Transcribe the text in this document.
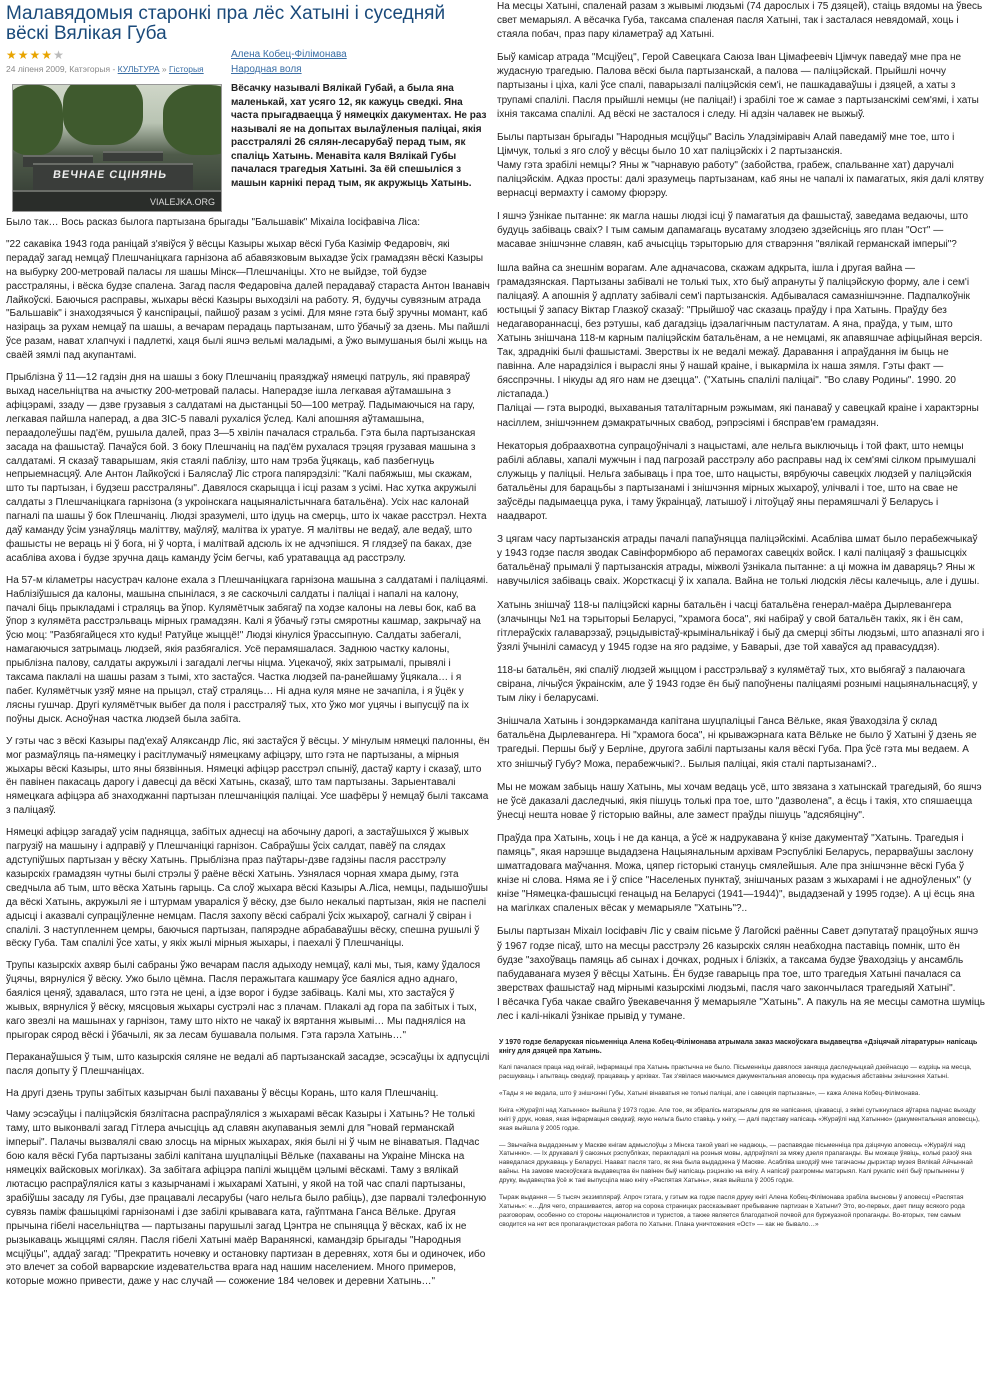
Малавядомыя старонкі пра лёс Хатыні і суседняй вёскі Вялікая Губа
★★★★★	Алена Кобец-Філімонава
Народная воля
24 ліпеня 2009, Катэгорыя - КУЛЬТУРА » Гісторыя
ВЕЧНАЕ СЦІНЯНЬ
VIALEJKA.ORG
Вёсачку называлі Вялікай Губай, а была яна маленькай, хат усяго 12, як кажуць сведкі. Яна часта прыгадваецца ў нямецкіх дакументах. Не раз называлі яе на допытах вылаўленыя паліцаі, якія расстралялі 26 сялян-лесарубаў перад тым, як спаліць Хатынь. Менавіта каля Вялікай Губы пачалася трагедыя Хатыні. За ёй спешыліся з машын карнікі перад тым, як акружыць Хатынь.

Было так… Вось расказ былога партызана брыгады "Бальшавік" Міхаіла Іосіфавіча Ліса:

"22 сакавіка 1943 года раніцай з'явіўся ў вёсцы Казыры жыхар вёскі Губа Казімір Федаровіч, які перадаў загад немцаў Плешчаніцкага гарнізона аб абавязковым выхадзе ўсіх грамадзян вёскі Казыры на выбурку 200-метровай паласы ля шашы Мінск—Плешчаніцы. Хто не выйдзе, той будзе расстраляны, і вёска будзе спалена. Загад пасля Федаровіча далей перадаваў стараста Антон Іванавіч Лайкоўскі. Баючыся расправы, жыхары вёскі Казыры выходзілі на работу. Я, будучы сувязным атрада "Бальшавік" і знаходзячыся ў канспірацыі, пайшоў разам з усімі. Для мяне гэта быў зручны момант, каб назіраць за рухам немцаў па шашы, а вечарам перадаць партызанам, што ўбачыў за дзень. Мы пайшлі ўсе разам, нават хлапчукі і падлеткі, хаця былі яшчэ вельмі маладымі, а ўжо вымушаныя былі жыць на сваёй зямлі пад акупантамі.

Прыблізна ў 11—12 гадзін дня на шашы з боку Плешчаніц праязджаў нямецкі патруль, які правяраў выхад насельніцтва на ачыстку 200-метровай паласы. Наперадзе ішла легкавая аўтамашына з афіцэрамі, ззаду — дзве грузавыя з салдатамі на дыстанцыі 50—100 метраў. Падымаючыся на гару, легкавая пайшла наперад, а два ЗІС-5 павалі рухаліся ўслед. Калі апошняя аўтамашына, пераадолеўшы пад'ём, рушыла далей, праз 3—5 хвілін пачалася стральба. Гэта была партызанская засада на фашыстаў. Пачаўся бой. З боку Плешчаніц на пад'ём рухалася трэцяя грузавая машына з салдатамі. Я сказаў таварышам, якія стаялі паблізу, што нам трэба ўцякаць, каб пазбегнуць непрыемнасцяў. Але Антон Лайкоўскі і Баляслаў Ліс строга папярэдзілі: "Калі пабяжыш, мы скажам, што ты партызан, і будзеш расстраляны". Давялося скарыцца і ісці разам з усімі. Нас хутка акружылі салдаты з Плешчаніцкага гарнізона (з укроінскага нацыяналістычнага батальёна). Усіх нас калонай пагналі па шашы ў бок Плешчаніц. Людзі зразумелі, што ідуць на смерць, што іх чакае расстрэл. Нехта даў каманду ўсім узнаўляць маліттву, маўляў, малітва іх уратуе. Я малітвы не ведаў, але ведаў, што фашысты не вераць ні ў бога, ні ў чорта, і малітвай адсюль іх не адчэпішся. Я глядзеў па баках, дзе асабліва ахова і будзе зручна даць каманду ўсім бегчы, каб уратавацца ад расстрэлу.

На 57-м кіламетры насустрач калоне ехала з Плешчаніцкага гарнізона машына з салдатамі і паліцаямі. Наблізіўшыся да калоны, машына спынілася, з яе саскочылі салдаты і паліцаі і напалі на калону, пачалі біць прыкладамі і страляць ва ўпор. Кулямётчык забягаў па ходзе калоны на левы бок, каб ва ўпор з кулямёта расстрэльваць мірных грамадзян. Калі я ўбачыў гэты смяротны кашмар, закрычаў на ўсю моц: "Разбягайцеся хто куды! Ратуйце жыццё!" Людзі кінуліся ўрассыпную. Салдаты забегалі, намагаючыся затрымаць людзей, якія разбягаліся. Усё перамяшалася. Заднюю частку калоны, прыблізна палову, салдаты акружылі і загадалі легчы ніцма. Уцекачоў, якіх затрымалі, прывялі і таксама паклалі на шашы разам з тымі, хто застаўся. Частка людзей па-ранейшаму ўцякала… і я пабег. Кулямётчык узяў мяне на прыцэл, стаў страляць… Ні адна куля мяне не зачапіла, і я ўцёк у лясны гушчар. Другі кулямётчык выбег да поля і расстраляў тых, хто ўжо мог уцячы і выпусціў па іх поўны дыск. Асноўная частка людзей была забіта.

У гэты час з вёскі Казыры пад'ехаў Аляксандр Ліс, які застаўся ў вёсцы. У мінулым нямецкі палонны, ён мог размаўляць па-нямецку і расітлумачыў нямецкаму афіцэру, што гэта не партызаны, а мірныя жыхары вёскі Казыры, што яны бязвінныя. Нямецкі афіцэр расстрэл спыніў, дастаў карту і сказаў, што ён павінен пакасаць дарогу і давесці да вёскі Хатынь, сказаў, што там партызаны. Зарыентавалі нямецкага афіцэра аб знаходжанні партызан плешчаніцкія паліцаі. Усе шафёры ў немцаў былі таксама з паліцаяў.

Нямецкі афіцэр загадаў усім падняцца, забітых аднесці на абочыну дарогі, а застаўшыхся ў жывых пагрузіў на машыну і адправіў у Плешчаніцкі гарнізон. Сабраўшы ўсіх салдат, павёў па слядах адступіўшых партызан у вёску Хатынь. Прыблізна праз паўтары-дзве гадзіны пасля расстрэлу казырскіх грамадзян чутны былі стрэлы ў раёне вёскі Хатынь. Узнялася чорная хмара дыму, гэта сведчыла аб тым, што вёска Хатынь гарыць. Са слоў жыхара вёскі Казыры А.Ліса, немцы, падышоўшы да вёскі Хатынь, акружылі яе і штурмам увараліся ў вёску, дзе было некалькі партызан, якія не паспелі адысці і аказвалі супраціўленне немцам. Пасля захопу вёскі сабралі ўсіх жыхароў, сагналі ў свіран і спалілі. З наступленнем цемры, баючыся партызан, папярэдне абрабаваўшы вёску, спешна рушылі ў вёску Губа. Там спалілі ўсе хаты, у якіх жылі мірныя жыхары, і паехалі ў Плешчаніцы.

Трупы казырскіх ахвяр былі сабраны ўжо вечарам пасля адыходу немцаў, калі мы, тыя, каму ўдалося ўцячы, вярнуліся ў вёску. Ужо было цёмна. Пасля перажытага кашмару ўсе баяліся адно аднаго, баяліся ценяў, здавалася, што гэта не цені, а ідзе ворог і будзе забіваць. Калі мы, хто застаўся ў жывых, вярнуліся ў вёску, мясцовыя жыхары сустрэлі нас з плачам. Плакалі ад гора па забітых і тых, каго звезлі на машынах у гарнізон, таму што ніхто не чакаў іх вяртання жывымі… Мы падняліся на прыгорак сярод вёскі і ўбачылі, як за лесам бушавала полымя. Гэта гарэла Хатынь…"

Пераканаўшыся ў тым, што казырскія сяляне не ведалі аб партызанскай засадзе, эсэсаўцы іх адпусцілі пасля допыту ў Плешчаніцах.

На другі дзень трупы забітых казырчан былі пахаваны ў вёсцы Корань, што каля Плешчаніц.

Чаму эсэсаўцы і паліцэйскія бязлітасна распраўляліся з жыхарамі вёсак Казыры і Хатынь? Не толькі таму, што выконвалі загад Гітлера ачысціць ад славян акупаваныя землі для "новай германскай імперыі". Палачы вызвалялі сваю злосць на мірных жыхарах, якія былі ні ў чым не вінаватыя. Падчас бою каля вёскі Губа партызаны забілі капітана шуцпаліцыі Вёльке (пахаваны на Украіне Мінска на нямецкіх вайсковых могілках). За забітага афіцэра папілі жыццём цэлымі вёскамі. Таму з вялікай лютасцю распраўляліся каты з казырчанамі і жыхарамі Хатыні, у якой на той час спалі партызаны, зрабіўшы засаду ля Губы, дзе працавалі лесарубы (чаго нельга было рабіць), дзе парвалі тэлефонную сувязь паміж фашыцкімі гарнізонамі і дзе забілі крывавага ката, гаўптмана Ганса Вёльке. Другая прычына гібелі насельніцтва — партызаны парушылі загад Цэнтра не спыняцца ў вёсках, каб іх не рызыкаваць жыццямі сялян. Пасля гібелі Хатыні маёр Варанянскі, камандзір брыгады "Народныя мсціўцы", аддаў загад: "Прекратить ночевку и остановку партизан в деревнях, хотя бы и одиночек, ибо это влечет за собой варварские издевательства врага над нашим населением. Много примеров, которые можно привести, даже у нас случай — сожжение 184 человек и деревни Хатынь…"

На месцы Хатыні, спаленай разам з жывымі людзьмі (74 дарослых і 75 дзяцей), стаіць вядомы на ўвесь свет мемарыял. А вёсачка Губа, таксама спаленая пасля Хатыні, так і засталася невядомай, хоць і стаяла побач, праз пару кіламетраў ад Хатыні.

Быў камісар атрада "Мсціўец", Герой Савецкага Саюза Іван Цімафеевіч Цімчук паведаў мне пра не жудасную трагедыю. Палова вёскі была партызанскай, а палова — паліцэйскай. Прыйшлі ноччу партызаны і ціха, калі ўсе спалі, паварызалі паліцэйскія сем'і, не пашкадаваўшы і дзяцей, а хаты з трупамі спалілі. Пасля прыйшлі немцы (не паліцаі!) і зрабілі тое ж самае з партызанскімі сем'ямі, і хаты іхнія таксама спалілі. Ад вёскі не засталося і следу. Ні адзін чалавек не выжыў.

Былы партызан брыгады "Народныя мсціўцы" Васіль Уладзіміравіч Алай паведаміў мне тое, што і Цімчук, толькі з яго слоў у вёсцы было 10 хат паліцэйскіх і 2 партызанскія.
Чаму гэта зрабілі немцы? Яны ж "чарнавую работу" (забойства, грабеж, спальванне хат) даручалі паліцэйскім. Адказ просты: далі зразумець партызанам, каб яны не чапалі іх памагатых, якія далі клятву вернасці вермахту і самому фюрэру.

І яшчэ ўзнікае пытанне: як магла нашы людзі ісці ў памагатыя да фашыстаў, заведама ведаючы, што будуць забіваць сваіх? І тым самым дапамагаць вусатаму злодзею здзейсніць яго план "Ост" — масавае знішчэнне славян, каб ачысціць тэрыторыю для стварэння "вялікай германскай імперыі"?

Ішла вайна са знешнім ворагам. Але адначасова, скажам адкрыта, ішла і другая вайна — грамадзянская. Партызаны забівалі не толькі тых, хто быў апрануты ў паліцэйскую форму, але і сем'і паліцаяў. А апошнія ў адплату забівалі сем'і партызанскія. Адбывалася самазнішчэнне. Падпалкоўнік юстыцыі ў запасу Віктар Глазкоў сказаў: "Прыйшоў час сказаць праўду і пра Хатынь. Праўду без недагавораннасці, без рэтушы, каб дагадзіць ідэалагічным пастулатам. А яна, праўда, у тым, што Хатынь знішчана 118-м карным паліцэйскім батальёнам, а не немцамі, як апавяшчае афіцыйная версія. Так, здраднікі былі фашыстамі. Зверствы іх не ведалі межаў. Даравання і апраўдання ім быць не павінна. Але нарадзіліся і выраслі яны ў нашай краіне, і выкарміла іх наша зямля. Гэты факт — бясспрэчны. І нікуды ад яго нам не дзецца". ("Хатынь спалілі паліцаі". "Во славу Родины". 1990. 20 лістапада.)
Паліцаі — гэта выродкі, выхаваныя таталітарным рэжымам, які панаваў у савецкай краіне і характэрны насіллем, знішчэннем дэмакратычных свабод, рэпрэсіямі і бясправ'ем грамадзян.

Некаторыя добраахвотна супрацоўнічалі з нацыстамі, але нельга выключыць і той факт, што немцы рабілі аблавы, хапалі мужчын і пад пагрозай расстрэлу або расправы над іх сем'ямі сілком прымушалі служыць у паліцыі. Нельга забываць і пра тое, што нацысты, вярбуючы савецкіх людзей у паліцэйскія батальёны для барацьбы з партызанамі і знішчэння мірных жыхароў, улічвалі і тое, што на свае не заўсёды падымаецца рука, і таму ўкраінцаў, латышоў і літоўцаў яны перамяшчалі ў Беларусь і наадварот.

З цягам часу партызанскія атрады пачалі папаўняцца паліцэйскімі. Асабліва шмат было перабежчыкаў у 1943 годзе пасля зводак Савінформбюро аб перамогах савецкіх войск. І калі паліцаяў з фашысцкіх батальёнаў прымалі ў партызанскія атрады, міжволі ўзнікала пытанне: а ці можна ім даваряць? Яны ж навучыліся забіваць сваіх. Жорсткасці ў іх хапала. Вайна не толькі людскія лёсы калечыць, але і душы.

Хатынь знішчаў 118-ы паліцэйскі карны батальён і часці батальёна генерал-маёра Дырлевангера (злачынцы №1 на тэрыторыі Беларусі, "хрaмога боса", які набіраў у свой батальён такіх, як і ён сам, гітлераўскіх галаварэзаў, рэцыдывістаў-крымінальнікаў і быў да смерці збіты людзьмі, што апазналі яго і ўзялі ўчынілі самасуд у 1945 годзе на яго радзіме, у Баварыі, дзе той хаваўся ад правасуддзя).

118-ы батальён, які спаліў людзей жыццом і расстрэльваў з кулямётаў тых, хто выбягаў з палаючага свірана, лічыўся ўкраінскім, але ў 1943 годзе ён быў папоўнены паліцаямі рознымі нацыянальнасцяў, у тым ліку і беларусамі.

Знішчала Хатынь і зондэркаманда капітана шуцпаліцыі Ганса Вёльке, якая ўваходзіла ў склад батальёна Дырлевангера. Ні "хрaмога боса", ні крыважэрнага ката Вёльке не было ў Хатыні ў дзень яе трагедыі. Першы быў у Берліне, другога забілі партызаны каля вёскі Губа. Пра ўсё гэта мы ведаем. А хто знішчыў Губу? Можа, перабежчыкі?.. Былыя паліцаі, якія сталі партызанамі?..

Мы не можам забыць нашу Хатынь, мы хочам ведаць усё, што звязана з хатынскай трагедыяй, бо яшчэ не ўсё даказалі даследчыкі, якія пішуць толькі пра тое, што "дазволена", а ёсць і такія, хто спяшаецца ўнесці нешта новае ў гісторыю вайны, але замест праўды пішуць "адсябяціну".

Праўда пра Хатынь, хоць і не да канца, а ўсё ж надрукавана ў кнізе дакументаў "Хатынь. Трагедыя і памяць", якая нарэшце выдадзена Нацыянальным архівам Рэспублікі Беларусь, перарваўшы заслону шматгадовага маўчання. Можа, цяпер гісторыкі стануць смялейшыя. Але пра знішчэнне вёскі Губа ў кнізе ні слова. Няма яе і ў спісе "Населеных пунктаў, знішчаных разам з жыхарамі і не адноўленых" (у кнізе "Нямецка-фашысцкі генацыд на Беларусі (1941—1944)", выдадзенай у 1995 годзе). А ці ёсць яна на магілках спаленых вёсак у мемарыяле "Хатынь"?..

Былы партызан Міхаіл Іосіфавіч Ліс у сваім пісьме ў Лагойскі раённы Савет дэпутатаў працоўных яшчэ ў 1967 годзе пісаў, што на месцы расстрэлу 26 казырскіх сялян неабходна паставіць помнік, што ён будзе "захоўваць памяць аб сынах і дочках, родных і блізкіх, а таксама будзе ўваходзіць у ансамбль пабудаванага музея ў вёсцы Хатынь. Ён будзе гаварыць пра тое, што трагедыя Хатыні пачалася са зверствах фашыстаў над мірнымі казырскімі людзьмі, пасля чаго закончылася трагедыяй Хатыні".
І вёсачка Губа чакае свайго ўвекавечання ў мемарыяле "Хатынь". А пакуль на яе месцы самотна шуміць лес і калі-нікалі ўзнікае прывід у тумане.

У 1970 годзе беларуская пісьменніца Алена Кобец-Філімонава атрымала заказ маскоўскага выдавецтва «Дзіцячай літаратуры» напісаць кнігу для дзяцей пра Хатынь.

Калі пачалася праца над кнігай, інфармацыі пра Хатынь практычна не было. Пісьменніцы давялося заняцца даследчыцкай дзейнасцю — ездзіць на месца, расшукваць і апытваць сведкаў, працаваць у архівах. Так з'явілася маючымся дакументальная аповесць пра жудасныя абставіны знішчэння Хатыні.

«Тады я не ведала, што ў знішчэнні Губы, Хатыні вінаватыя не толькі паліцаі, але і савецкія партызаны», — кажа Алена Кобец-Філімонава.

Кніга «Жураўлі над Хатынню» выйшла ў 1973 годзе. Але тое, як збіралісь матэрыялы для яе напісання, цікавасці, з якімі сутыкнулася аўтарка падчас выхаду кнігі ў друк, новая, якая інфармацыя сведкаў, якую нельга было ставіць у кнігу, — далі падставу напісаць «Жураўлі над Хатынню» (дакументальная аповесць), якая выйшла ў 2005 годзе.

— Звычайна выдадзеным у Маскве кнігам адмыслоўцы з Мінска такой увагі не надаюць, — распавядае пісьменніца пра дзіцячую аповесць «Жураўлі над Хатынню». — Іх друкавалі ў саюзных рэспубліках, перакладалі на розныя мовы, адпраўлялі за мяжу дзеля прапаганды. Вы можаце ўявіць, колькі разоў яна наведалася друкаваць у Беларусі. Наават пасля таго, як яна была выдадзена ў Маскве. Асабліва шкодзіў мне тагачасны дырэктар музея Вялікай Айчыннай вайны. На замове маскоўскага выдавецтва ён павінен быў напісаць рэцэнзію на кнігу. А напісаў разгромны матэрыял. Калі рукапіс кнігі быў прыпынены ў друку, выдавецтва ўсё ж такі выпусціла маю кнігу «Распятая Хатынь», якая выйшла ў 2005 годзе.

Тыраж выдання — 5 тысяч экзэмпляраў. Апроч гэтага, у гэтым жа годзе пасля друку кнігі Алена Кобец-Філімонава зрабіла высновы ў аповесці «Распятая Хатынь»: «…Для чего, спрашивается, автор на сорока страницах рассказывает пребывание партизан в Хатыни? Это, во-первых, дает пищу всякого рода разговорам, особенно со стороны националистов и туристов, а также является благодатной почвой для буржуазной пропаганды. Во-вторых, тем самым сводится на нет вся пропагандистская работа по Хатыни. Плана уничтожения «Ост» — как не бывало…»
